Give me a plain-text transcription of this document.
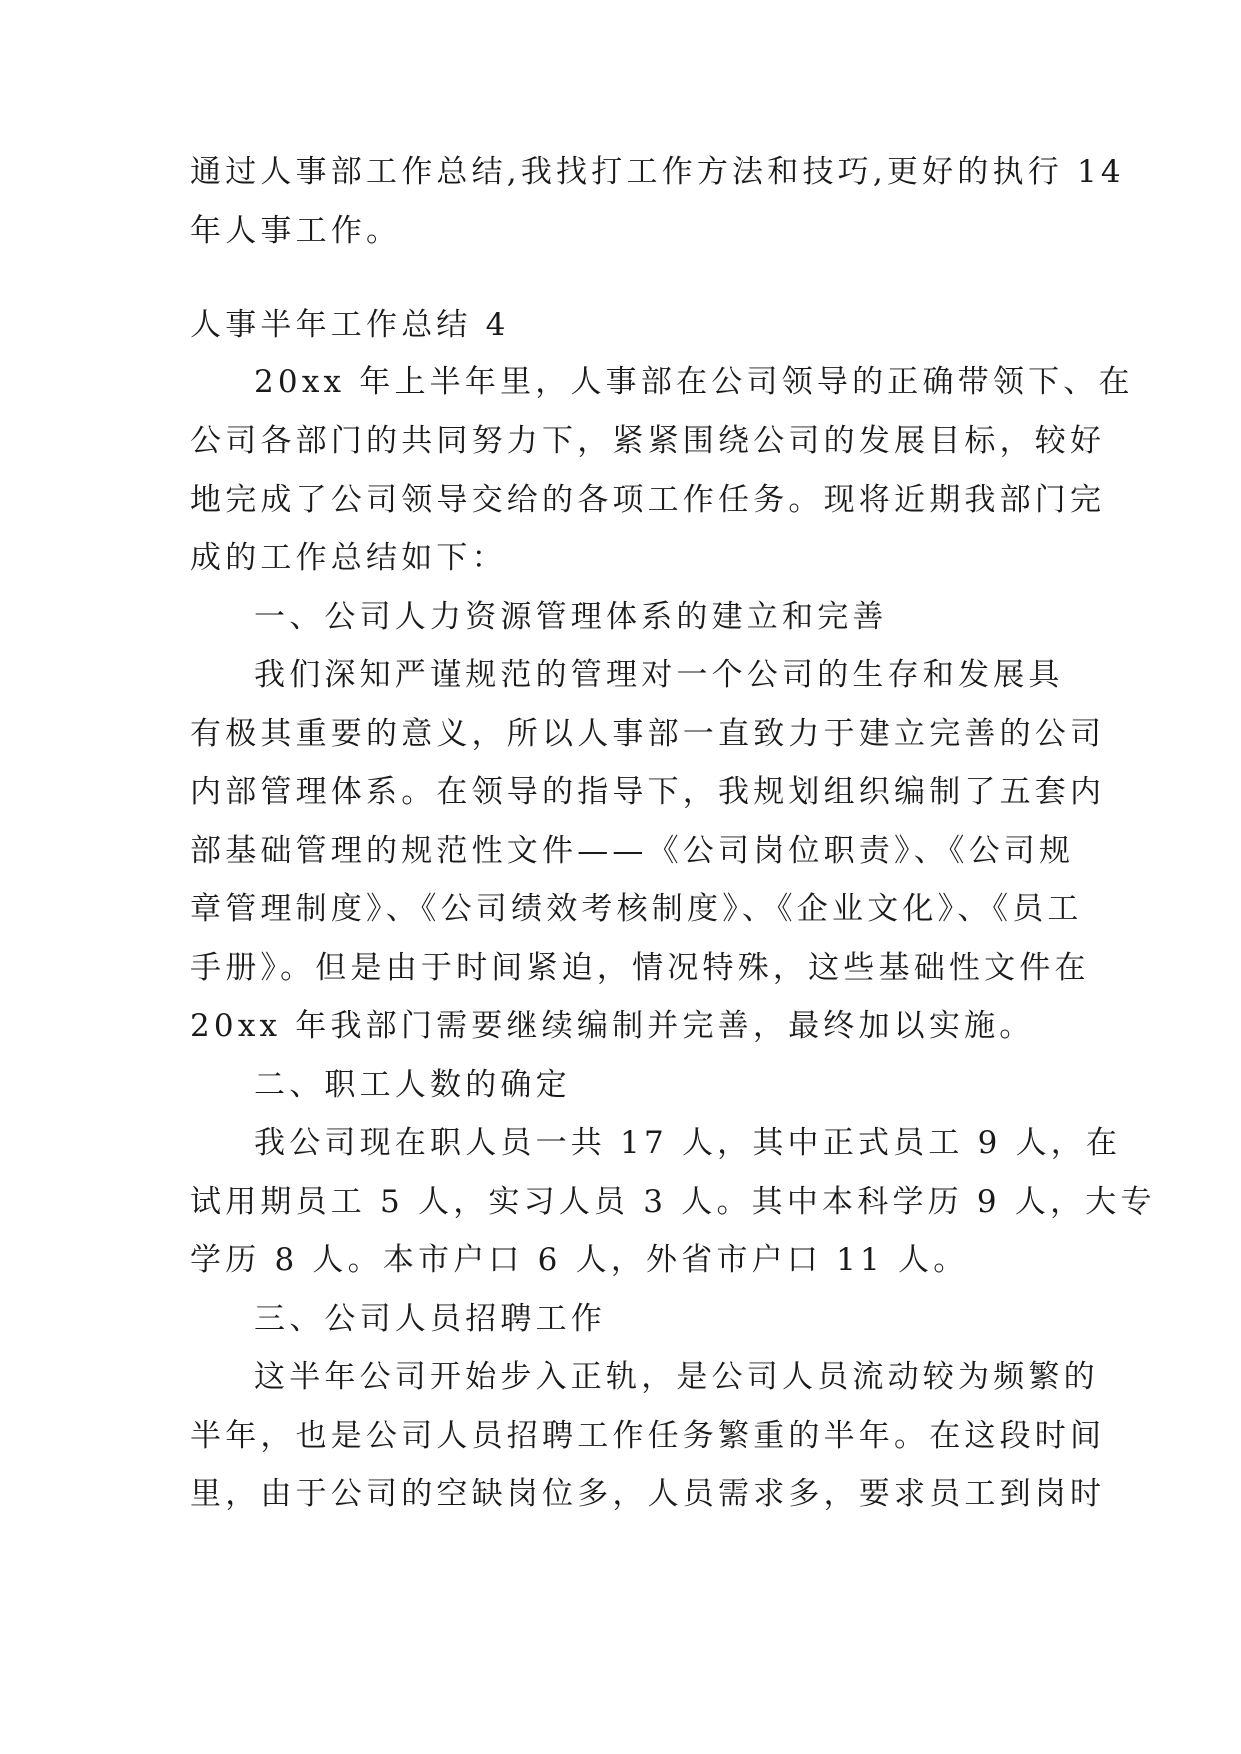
通过人事部工作总结,我找打工作方法和技巧,更好的执行 14
年人事工作。
人事半年工作总结 4
20xx 年上半年里，人事部在公司领导的正确带领下、在
公司各部门的共同努力下，紧紧围绕公司的发展目标，较好
地完成了公司领导交给的各项工作任务。现将近期我部门完
成的工作总结如下：
一、公司人力资源管理体系的建立和完善
我们深知严谨规范的管理对一个公司的生存和发展具
有极其重要的意义，所以人事部一直致力于建立完善的公司
内部管理体系。在领导的指导下，我规划组织编制了五套内
部基础管理的规范性文件——《公司岗位职责》、《公司规
章管理制度》、《公司绩效考核制度》、《企业文化》、《员工
手册》。但是由于时间紧迫，情况特殊，这些基础性文件在
20xx 年我部门需要继续编制并完善，最终加以实施。
二、职工人数的确定
我公司现在职人员一共 17 人，其中正式员工 9 人，在
试用期员工 5 人，实习人员 3 人。其中本科学历 9 人，大专
学历 8 人。本市户口 6 人，外省市户口 11 人。
三、公司人员招聘工作
这半年公司开始步入正轨，是公司人员流动较为频繁的
半年，也是公司人员招聘工作任务繁重的半年。在这段时间
里，由于公司的空缺岗位多，人员需求多，要求员工到岗时
